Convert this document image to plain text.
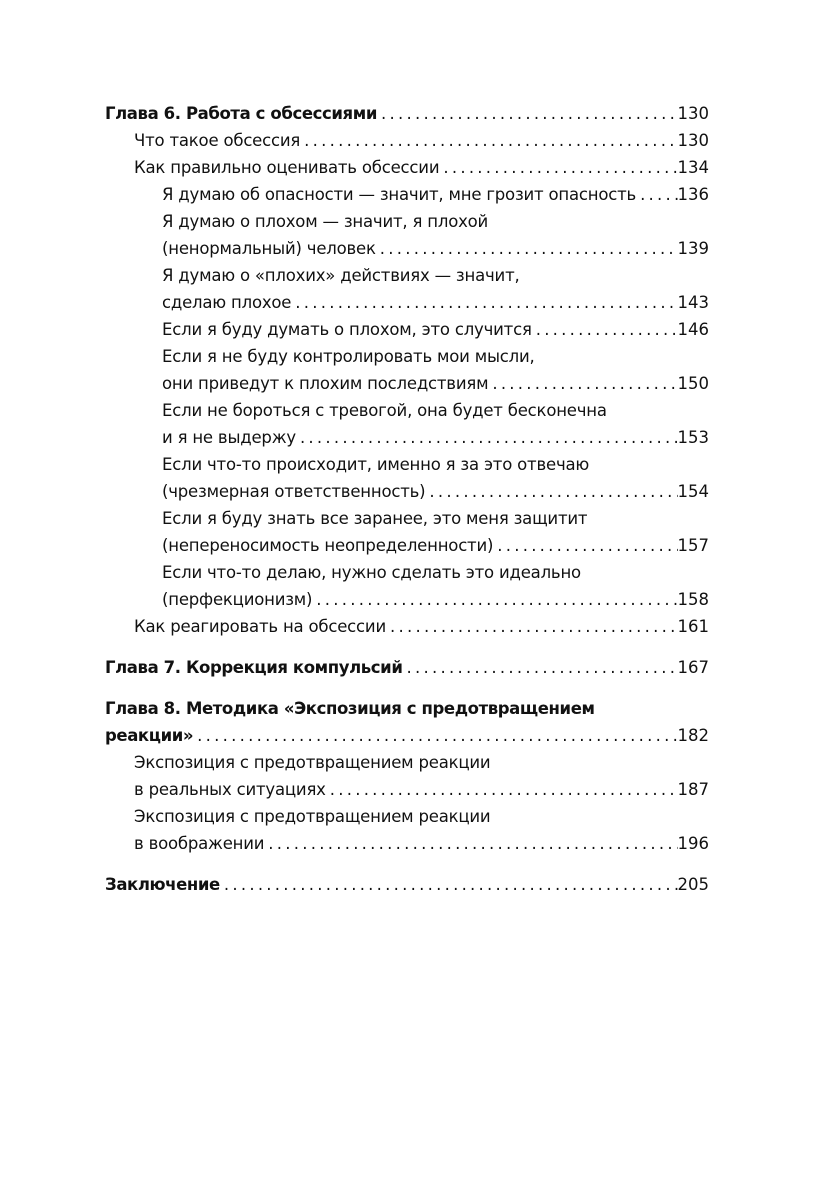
Глава 6. Работа с обсессиями . . .	130
Что такое обсессия . . .	130
Как правильно оценивать обсессии . . .	134
Я думаю об опасности — значит, мне грозит опасность . . .	136
Я думаю о плохом — значит, я плохой
(ненормальный) человек . . .	139
Я думаю о «плохих» действиях — значит,
сделаю плохое . . .	143
Если я буду думать о плохом, это случится . . .	146
Если я не буду контролировать мои мысли,
они приведут к плохим последствиям . . .	150
Если не бороться с тревогой, она будет бесконечна
и я не выдержу . . .	153
Если что-то происходит, именно я за это отвечаю
(чрезмерная ответственность) . . .	154
Если я буду знать все заранее, это меня защитит
(непереносимость неопределенности) . . .	157
Если что-то делаю, нужно сделать это идеально
(перфекционизм) . . .	158
Как реагировать на обсессии . . .	161
Глава 7. Коррекция компульсий . . .	167
Глава 8. Методика «Экспозиция с предотвращением
реакции» . . .	182
Экспозиция с предотвращением реакции
в реальных ситуациях . . .	187
Экспозиция с предотвращением реакции
в воображении . . .	196
Заключение . . .	205
